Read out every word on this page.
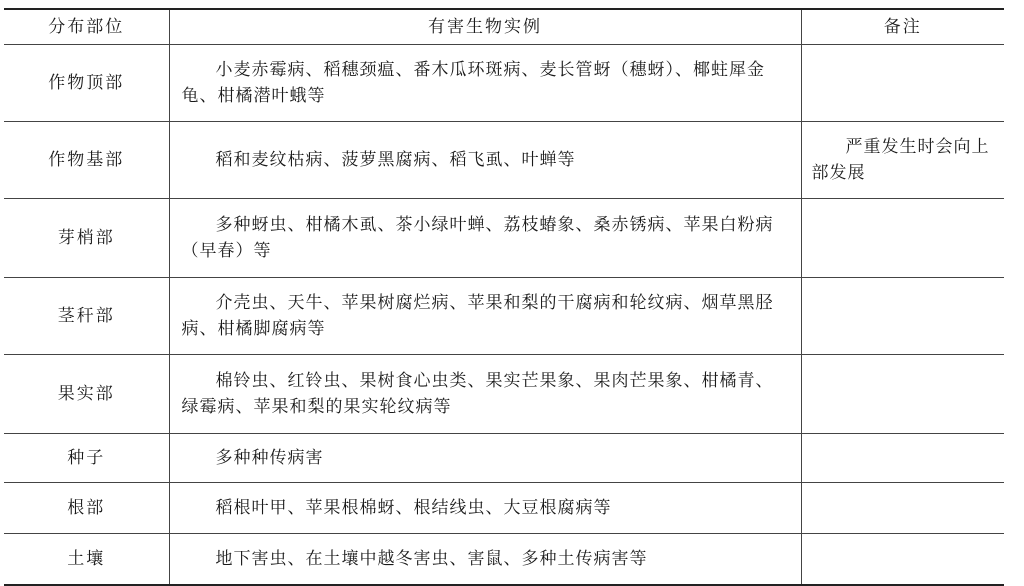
分布部位	有害生物实例	备注
作物顶部	小麦赤霉病、稻穗颈瘟、番木瓜环斑病、麦长管蚜（穗蚜）、椰蛀犀金龟、柑橘潜叶蛾等	
作物基部	稻和麦纹枯病、菠萝黑腐病、稻飞虱、叶蝉等	严重发生时会向上部发展
芽梢部	多种蚜虫、柑橘木虱、茶小绿叶蝉、荔枝蝽象、桑赤锈病、苹果白粉病（早春）等	
茎秆部	介壳虫、天牛、苹果树腐烂病、苹果和梨的干腐病和轮纹病、烟草黑胫病、柑橘脚腐病等	
果实部	棉铃虫、红铃虫、果树食心虫类、果实芒果象、果肉芒果象、柑橘青、绿霉病、苹果和梨的果实轮纹病等	
种子	多种种传病害	
根部	稻根叶甲、苹果根棉蚜、根结线虫、大豆根腐病等	
土壤	地下害虫、在土壤中越冬害虫、害鼠、多种土传病害等	
